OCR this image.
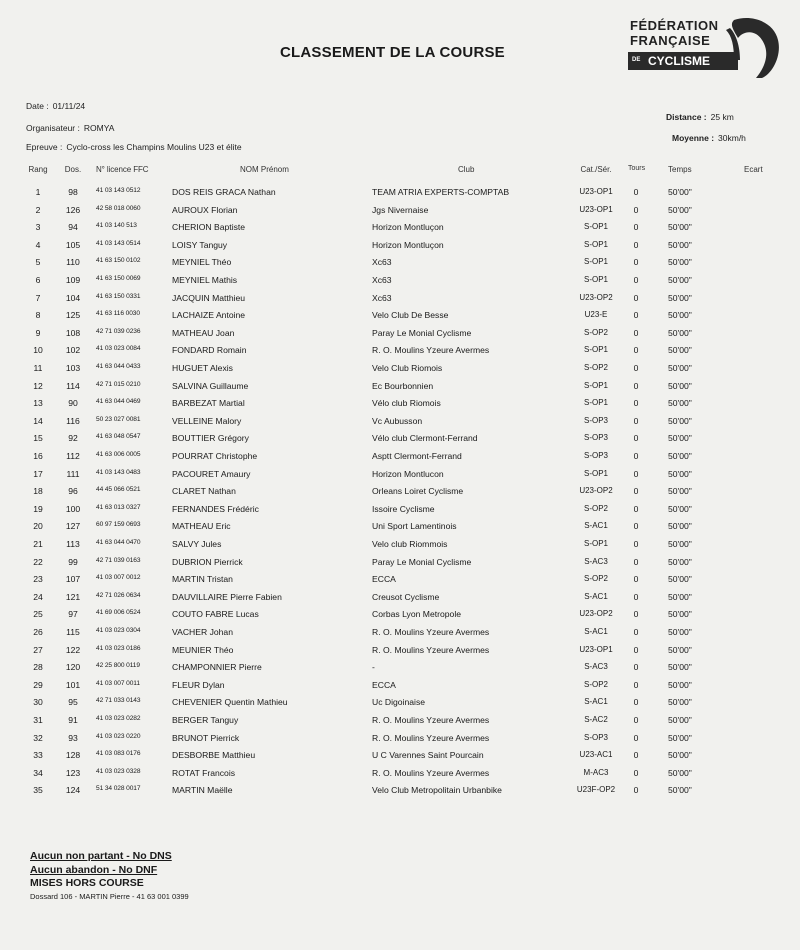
CLASSEMENT DE LA COURSE
FÉDÉRATION
FRANÇAISE
DE CYCLISME
Date : 01/11/24
Organisateur : ROMYA
Epreuve : Cyclo-cross les Champins Moulins U23 et élite
Distance : 25 km
Moyenne : 30km/h
Rang	Dos.	N° licence FFC	NOM Prénom	Club	Cat./Sér.	Tours	Temps	Ecart
1	98	41 03 143 0512	DOS REIS GRACA Nathan	TEAM ATRIA EXPERTS-COMPTAB	U23-OP1	0	50'00"
2	126	42 58 018 0060	AUROUX Florian	Jgs Nivernaise	U23-OP1	0	50'00"
3	94	41 03 140 513	CHERION Baptiste	Horizon Montluçon	S-OP1	0	50'00"
4	105	41 03 143 0514	LOISY Tanguy	Horizon Montluçon	S-OP1	0	50'00"
5	110	41 63 150 0102	MEYNIEL Théo	Xc63	S-OP1	0	50'00"
6	109	41 63 150 0069	MEYNIEL Mathis	Xc63	S-OP1	0	50'00"
7	104	41 63 150 0331	JACQUIN Matthieu	Xc63	U23-OP2	0	50'00"
8	125	41 63 116 0030	LACHAIZE Antoine	Velo Club De Besse	U23-E	0	50'00"
9	108	42 71 039 0236	MATHEAU Joan	Paray Le Monial Cyclisme	S-OP2	0	50'00"
10	102	41 03 023 0084	FONDARD Romain	R. O. Moulins Yzeure Avermes	S-OP1	0	50'00"
11	103	41 63 044 0433	HUGUET Alexis	Velo Club Riomois	S-OP2	0	50'00"
12	114	42 71 015 0210	SALVINA Guillaume	Ec Bourbonnien	S-OP1	0	50'00"
13	90	41 63 044 0469	BARBEZAT Martial	Vélo club Riomois	S-OP1	0	50'00"
14	116	50 23 027 0081	VELLEINE Malory	Vc Aubusson	S-OP3	0	50'00"
15	92	41 63 048 0547	BOUTTIER Grégory	Vélo club Clermont-Ferrand	S-OP3	0	50'00"
16	112	41 63 006 0005	POURRAT Christophe	Asptt Clermont-Ferrand	S-OP3	0	50'00"
17	111	41 03 143 0483	PACOURET Amaury	Horizon Montlucon	S-OP1	0	50'00"
18	96	44 45 066 0521	CLARET Nathan	Orleans Loiret Cyclisme	U23-OP2	0	50'00"
19	100	41 63 013 0327	FERNANDES Frédéric	Issoire Cyclisme	S-OP2	0	50'00"
20	127	60 97 159 0693	MATHEAU Eric	Uni Sport Lamentinois	S-AC1	0	50'00"
21	113	41 63 044 0470	SALVY Jules	Velo club Riommois	S-OP1	0	50'00"
22	99	42 71 039 0163	DUBRION Pierrick	Paray Le Monial Cyclisme	S-AC3	0	50'00"
23	107	41 03 007 0012	MARTIN Tristan	ECCA	S-OP2	0	50'00"
24	121	42 71 026 0634	DAUVILLAIRE Pierre Fabien	Creusot Cyclisme	S-AC1	0	50'00"
25	97	41 69 006 0524	COUTO FABRE Lucas	Corbas Lyon Metropole	U23-OP2	0	50'00"
26	115	41 03 023 0304	VACHER Johan	R. O. Moulins Yzeure Avermes	S-AC1	0	50'00"
27	122	41 03 023 0186	MEUNIER Théo	R. O. Moulins Yzeure Avermes	U23-OP1	0	50'00"
28	120	42 25 800 0119	CHAMPONNIER Pierre	-	S-AC3	0	50'00"
29	101	41 03 007 0011	FLEUR Dylan	ECCA	S-OP2	0	50'00"
30	95	42 71 033 0143	CHEVENIER Quentin Mathieu	Uc Digoinaise	S-AC1	0	50'00"
31	91	41 03 023 0282	BERGER Tanguy	R. O. Moulins Yzeure Avermes	S-AC2	0	50'00"
32	93	41 03 023 0220	BRUNOT Pierrick	R. O. Moulins Yzeure Avermes	S-OP3	0	50'00"
33	128	41 03 083 0176	DESBORBE Matthieu	U C Varennes Saint Pourcain	U23-AC1	0	50'00"
34	123	41 03 023 0328	ROTAT Francois	R. O. Moulins Yzeure Avermes	M-AC3	0	50'00"
35	124	51 34 028 0017	MARTIN Maëlle	Velo Club Metropolitain Urbanbike	U23F-OP2	0	50'00"
Aucun non partant - No DNS
Aucun abandon - No DNF
MISES HORS COURSE
Dossard 106 - MARTIN Pierre - 41 63 001 0399
